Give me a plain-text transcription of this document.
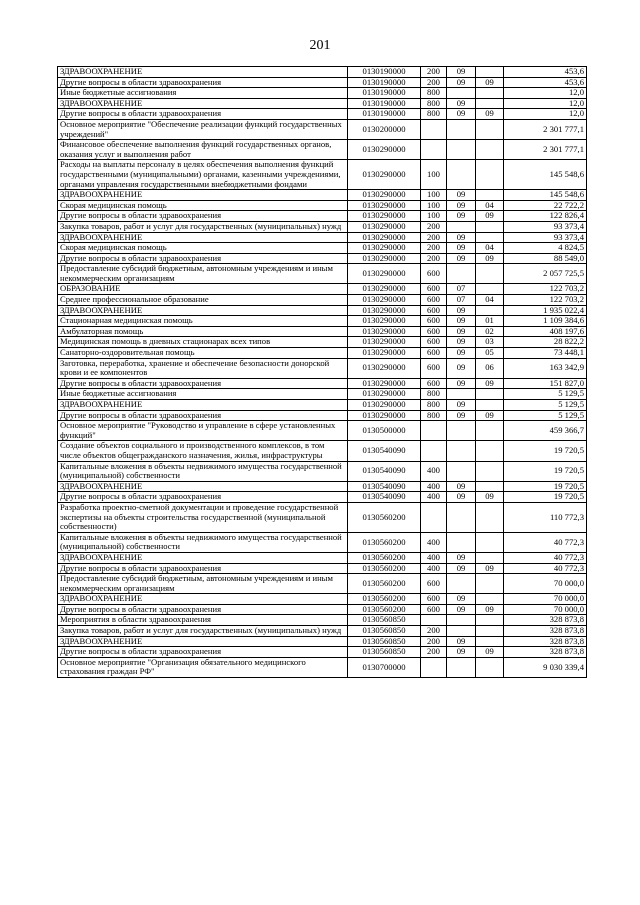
201
ЗДРАВООХРАНЕНИЕ	0130190000	200	09		453,6
Другие вопросы в области здравоохранения	0130190000	200	09	09	453,6
Иные бюджетные ассигнования	0130190000	800			12,0
ЗДРАВООХРАНЕНИЕ	0130190000	800	09		12,0
Другие вопросы в области здравоохранения	0130190000	800	09	09	12,0
Основное мероприятие "Обеспечение реализации функций государственных учреждений"	0130200000				2 301 777,1
Финансовое обеспечение выполнения функций государственных органов, оказания услуг и выполнения работ	0130290000				2 301 777,1
Расходы на выплаты персоналу в целях обеспечения выполнения функций государственными (муниципальными) органами, казенными учреждениями, органами управления государственными внебюджетными фондами	0130290000	100			145 548,6
ЗДРАВООХРАНЕНИЕ	0130290000	100	09		145 548,6
Скорая медицинская помощь	0130290000	100	09	04	22 722,2
Другие вопросы в области здравоохранения	0130290000	100	09	09	122 826,4
Закупка товаров, работ и услуг для государственных (муниципальных) нужд	0130290000	200			93 373,4
ЗДРАВООХРАНЕНИЕ	0130290000	200	09		93 373,4
Скорая медицинская помощь	0130290000	200	09	04	4 824,5
Другие вопросы в области здравоохранения	0130290000	200	09	09	88 549,0
Предоставление субсидий бюджетным, автономным учреждениям и иным некоммерческим организациям	0130290000	600			2 057 725,5
ОБРАЗОВАНИЕ	0130290000	600	07		122 703,2
Среднее профессиональное образование	0130290000	600	07	04	122 703,2
ЗДРАВООХРАНЕНИЕ	0130290000	600	09		1 935 022,4
Стационарная медицинская помощь	0130290000	600	09	01	1 109 384,6
Амбулаторная помощь	0130290000	600	09	02	408 197,6
Медицинская помощь в дневных стационарах всех типов	0130290000	600	09	03	28 822,2
Санаторно-оздоровительная помощь	0130290000	600	09	05	73 448,1
Заготовка, переработка, хранение и обеспечение безопасности донорской крови и ее компонентов	0130290000	600	09	06	163 342,9
Другие вопросы в области здравоохранения	0130290000	600	09	09	151 827,0
Иные бюджетные ассигнования	0130290000	800			5 129,5
ЗДРАВООХРАНЕНИЕ	0130290000	800	09		5 129,5
Другие вопросы в области здравоохранения	0130290000	800	09	09	5 129,5
Основное мероприятие "Руководство и управление в сфере установленных функций"	0130500000				459 366,7
Создание объектов социального и производственного комплексов, в том числе объектов общегражданского назначения, жилья, инфраструктуры	0130540090				19 720,5
Капитальные вложения в объекты недвижимого имущества государственной (муниципальной) собственности	0130540090	400			19 720,5
ЗДРАВООХРАНЕНИЕ	0130540090	400	09		19 720,5
Другие вопросы в области здравоохранения	0130540090	400	09	09	19 720,5
Разработка проектно-сметной документации и проведение государственной экспертизы на объекты строительства государственной (муниципальной собственности)	0130560200				110 772,3
Капитальные вложения в объекты недвижимого имущества государственной (муниципальной) собственности	0130560200	400			40 772,3
ЗДРАВООХРАНЕНИЕ	0130560200	400	09		40 772,3
Другие вопросы в области здравоохранения	0130560200	400	09	09	40 772,3
Предоставление субсидий бюджетным, автономным учреждениям и иным некоммерческим организациям	0130560200	600			70 000,0
ЗДРАВООХРАНЕНИЕ	0130560200	600	09		70 000,0
Другие вопросы в области здравоохранения	0130560200	600	09	09	70 000,0
Мероприятия в области здравоохранения	0130560850				328 873,8
Закупка товаров, работ и услуг для государственных (муниципальных) нужд	0130560850	200			328 873,8
ЗДРАВООХРАНЕНИЕ	0130560850	200	09		328 873,8
Другие вопросы в области здравоохранения	0130560850	200	09	09	328 873,8
Основное мероприятие "Организация обязательного медицинского страхования граждан РФ"	0130700000				9 030 339,4
